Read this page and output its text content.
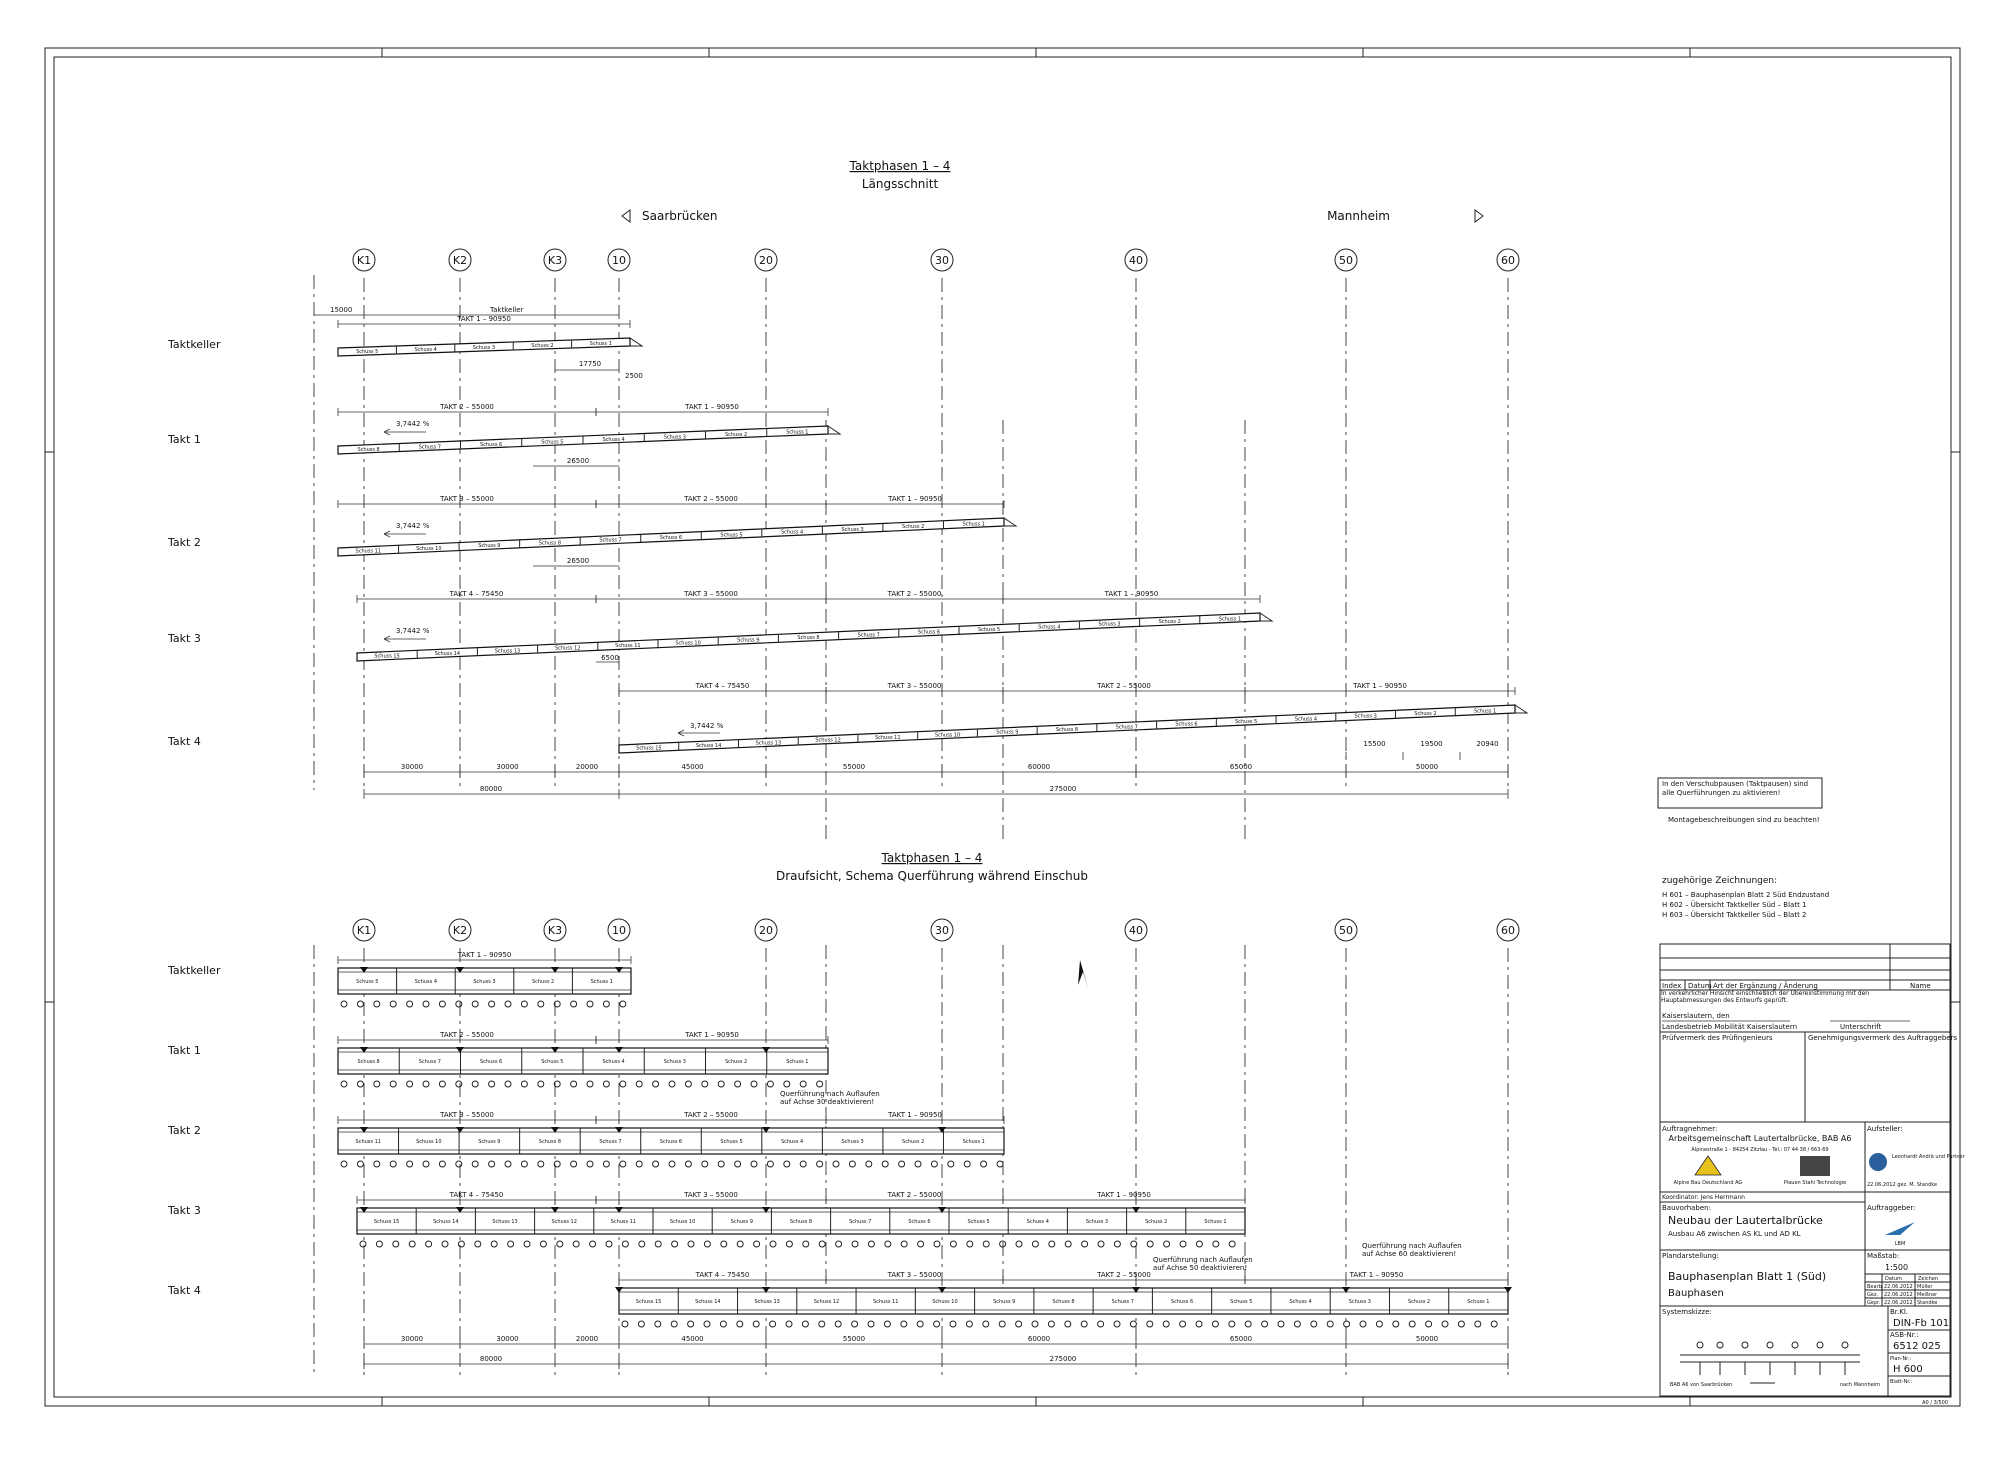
Taktphasen 1 – 4
Längsschnitt
Saarbrücken	Mannheim
Taktphasen 1 – 4
Draufsicht, Schema Querführung während Einschub
K1	K2	K3	10	20	30	40	50	60
K1	K2	K3	10	20	30	40	50	60
Taktkeller
Schuss 5	Schuss 4	Schuss 3	Schuss 2	Schuss 1
TAKT 1 – 90950
Takt 1
Schuss 8	Schuss 7	Schuss 6	Schuss 5	Schuss 4	Schuss 3	Schuss 2	Schuss 1
TAKT 2 – 55000	TAKT 1 – 90950
3,7442 %
Takt 2
Schuss 11	Schuss 10	Schuss 9	Schuss 8	Schuss 7	Schuss 6	Schuss 5	Schuss 4	Schuss 3	Schuss 2	Schuss 1
TAKT 3 – 55000	TAKT 2 – 55000	TAKT 1 – 90950
3,7442 %
Takt 3
Schuss 15	Schuss 14	Schuss 13	Schuss 12	Schuss 11	Schuss 10	Schuss 9	Schuss 8	Schuss 7	Schuss 6	Schuss 5	Schuss 4	Schuss 3	Schuss 2	Schuss 1
TAKT 4 – 75450	TAKT 3 – 55000	TAKT 2 – 55000	TAKT 1 – 90950
3,7442 %
Takt 4
Schuss 15	Schuss 14	Schuss 13	Schuss 12	Schuss 11	Schuss 10	Schuss 9	Schuss 8	Schuss 7	Schuss 6	Schuss 5	Schuss 4	Schuss 3	Schuss 2	Schuss 1
TAKT 4 – 75450	TAKT 3 – 55000	TAKT 2 – 55000	TAKT 1 – 90950
3,7442 %
15000	Taktkeller
17750
2500
26500
26500
6500
15500	19500	20940
Taktkeller
Schuss 5	Schuss 4	Schuss 3	Schuss 2	Schuss 1
TAKT 1 – 90950
Takt 1
Schuss 8	Schuss 7	Schuss 6	Schuss 5	Schuss 4	Schuss 3	Schuss 2	Schuss 1
TAKT 2 – 55000	TAKT 1 – 90950
Takt 2
Schuss 11	Schuss 10	Schuss 9	Schuss 8	Schuss 7	Schuss 6	Schuss 5	Schuss 4	Schuss 3	Schuss 2	Schuss 1
TAKT 3 – 55000	TAKT 2 – 55000	TAKT 1 – 90950
Takt 3
Schuss 15	Schuss 14	Schuss 13	Schuss 12	Schuss 11	Schuss 10	Schuss 9	Schuss 8	Schuss 7	Schuss 6	Schuss 5	Schuss 4	Schuss 3	Schuss 2	Schuss 1
TAKT 4 – 75450	TAKT 3 – 55000	TAKT 2 – 55000	TAKT 1 – 90950
Takt 4
Schuss 15	Schuss 14	Schuss 13	Schuss 12	Schuss 11	Schuss 10	Schuss 9	Schuss 8	Schuss 7	Schuss 6	Schuss 5	Schuss 4	Schuss 3	Schuss 2	Schuss 1
TAKT 4 – 75450	TAKT 3 – 55000	TAKT 2 – 55000	TAKT 1 – 90950
30000	30000	20000	45000	55000	60000	65000	50000
80000	275000
30000	30000	20000	45000	55000	60000	65000	50000
80000	275000
In den Verschubpausen (Taktpausen) sind alle Querführungen zu aktivieren!
Montagebeschreibungen sind zu beachten!
zugehörige Zeichnungen:
H 601 – Bauphasenplan Blatt 2 Süd Endzustand
H 602 – Übersicht Taktkeller Süd – Blatt 1
H 603 – Übersicht Taktkeller Süd – Blatt 2
Querführung nach Auflaufen auf Achse 30 deaktivieren!
Querführung nach Auflaufen auf Achse 50 deaktivieren!
Querführung nach Auflaufen auf Achse 60 deaktivieren!
Index Datum Art der Ergänzung / Änderung	Name
In verkehrlicher Hinsicht einschließlich der Übereinstimmung mit den Hauptabmessungen des Entwurfs geprüft.
Kaiserslautern, den
Landesbetrieb Mobilität Kaiserslautern	Unterschrift
Prüfvermerk des Prüfingenieurs	Genehmigungsvermerk des Auftraggebers
Auftragnehmer:
Arbeitsgemeinschaft Lautertalbrücke, BAB A6
Alpinestraße 1 - 84254 Zitzlau - Tel.: 07 44 38 / 663-69
Alpine Bau Deutschland AG	Plauen Stahl Technologie
Aufsteller:
Leonhardt Andrä und Partner
22.06.2012 gez. M. Standke
Koordinator: Jens Herrmann
Bauvorhaben:
Neubau der Lautertalbrücke
Ausbau A6 zwischen AS KL und AD KL
Auftraggeber:
LBM
Plandarstellung:
Bauphasenplan Blatt 1 (Süd)
Bauphasen
Maßstab:
1:500
Datum	Zeichen
Bearb. 22.06.2012 Müller
Gez. 22.06.2012 Meißner
Gepr. 22.06.2012 Standke
Systemskizze:	Br.Kl.
DIN-Fb 101
ASB-Nr.:
6512 025
Plan-Nr.:
H 600
Blatt-Nr.:
BAB A6 von Saarbrücken	nach Mannheim
A0 / 3/500
